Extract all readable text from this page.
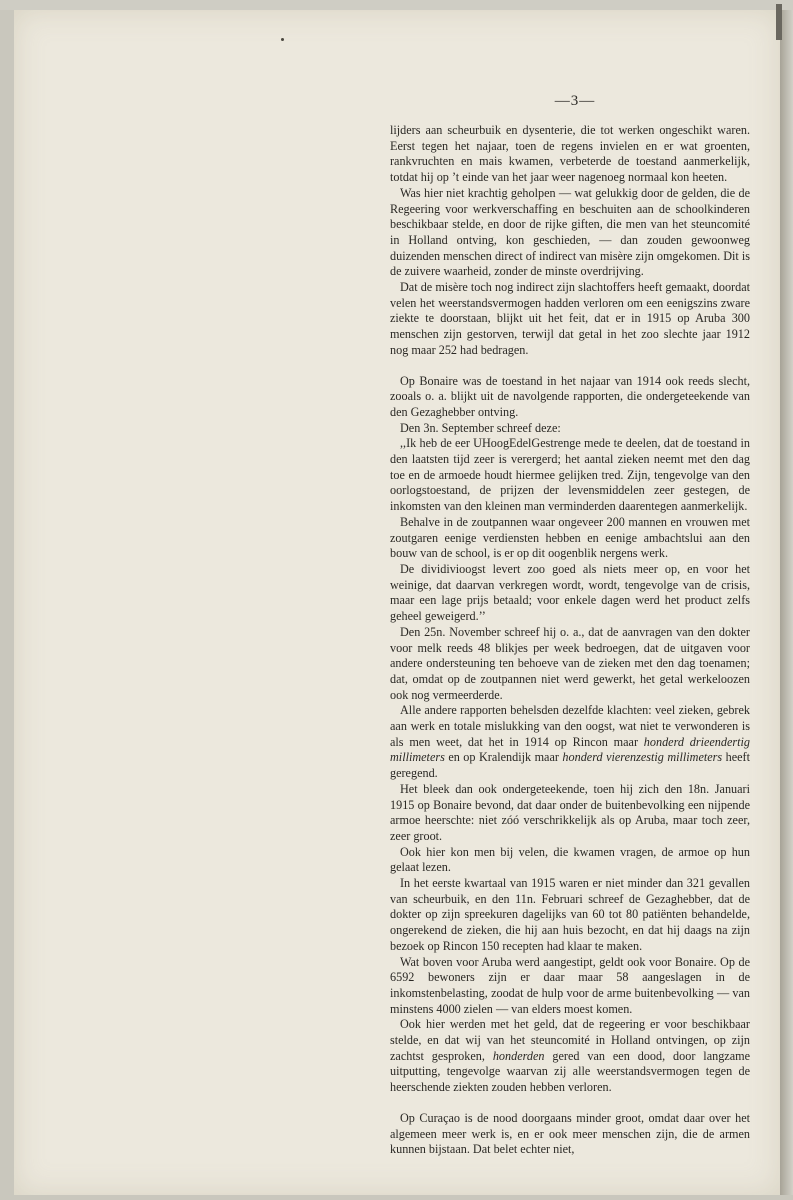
—3—

lijders aan scheurbuik en dysenterie, die tot werken ongeschikt waren. Eerst tegen het najaar, toen de regens invielen en er wat groenten, rankvruchten en mais kwamen, verbeterde de toestand aanmerkelijk, totdat hij op ’t einde van het jaar weer nagenoeg normaal kon heeten.

Was hier niet krachtig geholpen — wat gelukkig door de gelden, die de Regeering voor werkverschaffing en beschuiten aan de schoolkinderen beschikbaar stelde, en door de rijke giften, die men van het steuncomité in Holland ontving, kon geschieden, — dan zouden gewoonweg duizenden menschen direct of indirect van misère zijn omgekomen. Dit is de zuivere waarheid, zonder de minste overdrijving.

Dat de misère toch nog indirect zijn slachtoffers heeft gemaakt, doordat velen het weerstandsvermogen hadden verloren om een eenigszins zware ziekte te doorstaan, blijkt uit het feit, dat er in 1915 op Aruba 300 menschen zijn gestorven, terwijl dat getal in het zoo slechte jaar 1912 nog maar 252 had bedragen.

Op Bonaire was de toestand in het najaar van 1914 ook reeds slecht, zooals o. a. blijkt uit de navolgende rapporten, die ondergeteekende van den Gezaghebber ontving.

Den 3n. September schreef deze:

,,Ik heb de eer UHoogEdelGestrenge mede te deelen, dat de toestand in den laatsten tijd zeer is verergerd; het aantal zieken neemt met den dag toe en de armoede houdt hiermee gelijken tred. Zijn, tengevolge van den oorlogstoestand, de prijzen der levensmiddelen zeer gestegen, de inkomsten van den kleinen man verminderden daarentegen aanmerkelijk.

Behalve in de zoutpannen waar ongeveer 200 mannen en vrouwen met zoutgaren eenige verdiensten hebben en eenige ambachtslui aan den bouw van de school, is er op dit oogenblik nergens werk.

De dividivioogst levert zoo goed als niets meer op, en voor het weinige, dat daarvan verkregen wordt, wordt, tengevolge van de crisis, maar een lage prijs betaald; voor enkele dagen werd het product zelfs geheel geweigerd.’’

Den 25n. November schreef hij o. a., dat de aanvragen van den dokter voor melk reeds 48 blikjes per week bedroegen, dat de uitgaven voor andere ondersteuning ten behoeve van de zieken met den dag toenamen; dat, omdat op de zoutpannen niet werd gewerkt, het getal werkeloozen ook nog vermeerderde.

Alle andere rapporten behelsden dezelfde klachten: veel zieken, gebrek aan werk en totale mislukking van den oogst, wat niet te verwonderen is als men weet, dat het in 1914 op Rincon maar honderd drieendertig millimeters en op Kralendijk maar honderd vierenzestig millimeters heeft geregend.

Het bleek dan ook ondergeteekende, toen hij zich den 18n. Januari 1915 op Bonaire bevond, dat daar onder de buitenbevolking een nijpende armoe heerschte: niet zóó verschrikkelijk als op Aruba, maar toch zeer, zeer groot.

Ook hier kon men bij velen, die kwamen vragen, de armoe op hun gelaat lezen.

In het eerste kwartaal van 1915 waren er niet minder dan 321 gevallen van scheurbuik, en den 11n. Februari schreef de Gezaghebber, dat de dokter op zijn spreekuren dagelijks van 60 tot 80 patiënten behandelde, ongerekend de zieken, die hij aan huis bezocht, en dat hij daags na zijn bezoek op Rincon 150 recepten had klaar te maken.

Wat boven voor Aruba werd aangestipt, geldt ook voor Bonaire. Op de 6592 bewoners zijn er daar maar 58 aangeslagen in de inkomstenbelasting, zoodat de hulp voor de arme buitenbevolking — van minstens 4000 zielen — van elders moest komen.

Ook hier werden met het geld, dat de regeering er voor beschikbaar stelde, en dat wij van het steuncomité in Holland ontvingen, op zijn zachtst gesproken, honderden gered van een dood, door langzame uitputting, tengevolge waarvan zij alle weerstandsvermogen tegen de heerschende ziekten zouden hebben verloren.

Op Curaçao is de nood doorgaans minder groot, omdat daar over het algemeen meer werk is, en er ook meer menschen zijn, die de armen kunnen bijstaan. Dat belet echter niet,
